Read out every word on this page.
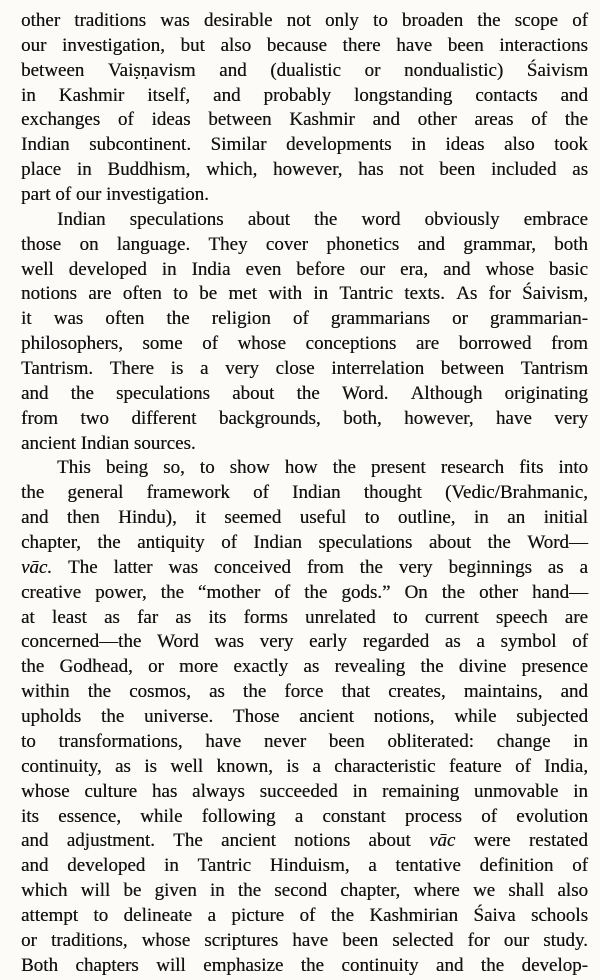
other traditions was desirable not only to broaden the scope of
our investigation, but also because there have been interactions
between Vaiṣṇavism and (dualistic or nondualistic) Śaivism
in Kashmir itself, and probably longstanding contacts and
exchanges of ideas between Kashmir and other areas of the
Indian subcontinent. Similar developments in ideas also took
place in Buddhism, which, however, has not been included as
part of our investigation.
Indian speculations about the word obviously embrace
those on language. They cover phonetics and grammar, both
well developed in India even before our era, and whose basic
notions are often to be met with in Tantric texts. As for Śaivism,
it was often the religion of grammarians or grammarian-
philosophers, some of whose conceptions are borrowed from
Tantrism. There is a very close interrelation between Tantrism
and the speculations about the Word. Although originating
from two different backgrounds, both, however, have very
ancient Indian sources.
This being so, to show how the present research fits into
the general framework of Indian thought (Vedic/Brahmanic,
and then Hindu), it seemed useful to outline, in an initial
chapter, the antiquity of Indian speculations about the Word—
vāc. The latter was conceived from the very beginnings as a
creative power, the “mother of the gods.” On the other hand—
at least as far as its forms unrelated to current speech are
concerned—the Word was very early regarded as a symbol of
the Godhead, or more exactly as revealing the divine presence
within the cosmos, as the force that creates, maintains, and
upholds the universe. Those ancient notions, while subjected
to transformations, have never been obliterated: change in
continuity, as is well known, is a characteristic feature of India,
whose culture has always succeeded in remaining unmovable in
its essence, while following a constant process of evolution
and adjustment. The ancient notions about vāc were restated
and developed in Tantric Hinduism, a tentative definition of
which will be given in the second chapter, where we shall also
attempt to delineate a picture of the Kashmirian Śaiva schools
or traditions, whose scriptures have been selected for our study.
Both chapters will emphasize the continuity and the develop-
